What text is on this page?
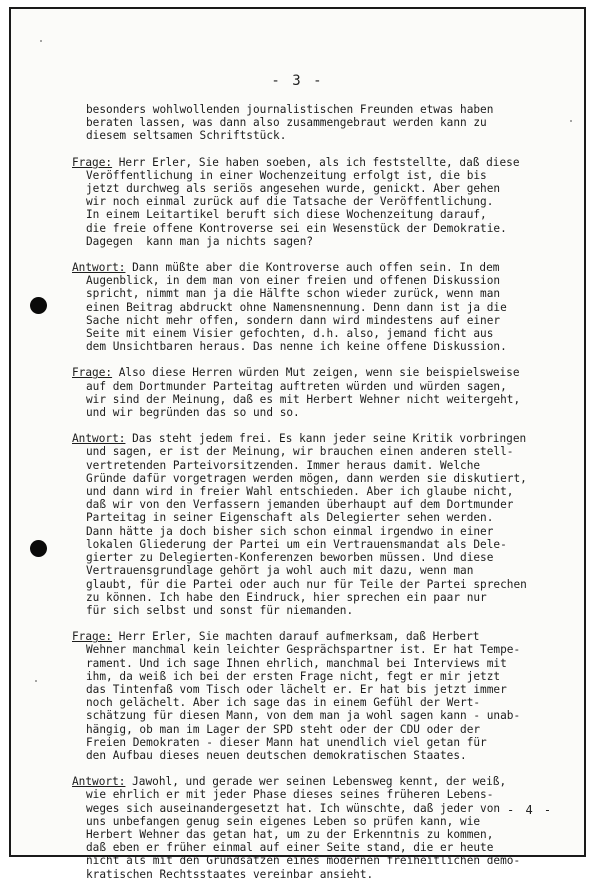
- 3 -
besonders wohlwollenden journalistischen Freunden etwas haben
beraten lassen, was dann also zusammengebraut werden kann zu
diesem seltsamen Schriftstück.
Frage: Herr Erler, Sie haben soeben, als ich feststellte, daß diese
Veröffentlichung in einer Wochenzeitung erfolgt ist, die bis
jetzt durchweg als seriös angesehen wurde, genickt. Aber gehen
wir noch einmal zurück auf die Tatsache der Veröffentlichung.
In einem Leitartikel beruft sich diese Wochenzeitung darauf,
die freie offene Kontroverse sei ein Wesenstück der Demokratie.
Dagegen  kann man ja nichts sagen?
Antwort: Dann müßte aber die Kontroverse auch offen sein. In dem
Augenblick, in dem man von einer freien und offenen Diskussion
spricht, nimmt man ja die Hälfte schon wieder zurück, wenn man
einen Beitrag abdruckt ohne Namensnennung. Denn dann ist ja die
Sache nicht mehr offen, sondern dann wird mindestens auf einer
Seite mit einem Visier gefochten, d.h. also, jemand ficht aus
dem Unsichtbaren heraus. Das nenne ich keine offene Diskussion.
Frage: Also diese Herren würden Mut zeigen, wenn sie beispielsweise
auf dem Dortmunder Parteitag auftreten würden und würden sagen,
wir sind der Meinung, daß es mit Herbert Wehner nicht weitergeht,
und wir begründen das so und so.
Antwort: Das steht jedem frei. Es kann jeder seine Kritik vorbringen
und sagen, er ist der Meinung, wir brauchen einen anderen stell-
vertretenden Parteivorsitzenden. Immer heraus damit. Welche
Gründe dafür vorgetragen werden mögen, dann werden sie diskutiert,
und dann wird in freier Wahl entschieden. Aber ich glaube nicht,
daß wir von den Verfassern jemanden überhaupt auf dem Dortmunder
Parteitag in seiner Eigenschaft als Delegierter sehen werden.
Dann hätte ja doch bisher sich schon einmal irgendwo in einer
lokalen Gliederung der Partei um ein Vertrauensmandat als Dele-
gierter zu Delegierten-Konferenzen beworben müssen. Und diese
Vertrauensgrundlage gehört ja wohl auch mit dazu, wenn man
glaubt, für die Partei oder auch nur für Teile der Partei sprechen
zu können. Ich habe den Eindruck, hier sprechen ein paar nur
für sich selbst und sonst für niemanden.
Frage: Herr Erler, Sie machten darauf aufmerksam, daß Herbert
Wehner manchmal kein leichter Gesprächspartner ist. Er hat Tempe-
rament. Und ich sage Ihnen ehrlich, manchmal bei Interviews mit
ihm, da weiß ich bei der ersten Frage nicht, fegt er mir jetzt
das Tintenfaß vom Tisch oder lächelt er. Er hat bis jetzt immer
noch gelächelt. Aber ich sage das in einem Gefühl der Wert-
schätzung für diesen Mann, von dem man ja wohl sagen kann - unab-
hängig, ob man im Lager der SPD steht oder der CDU oder der
Freien Demokraten - dieser Mann hat unendlich viel getan für
den Aufbau dieses neuen deutschen demokratischen Staates.
Antwort: Jawohl, und gerade wer seinen Lebensweg kennt, der weiß,
wie ehrlich er mit jeder Phase dieses seines früheren Lebens-
weges sich auseinandergesetzt hat. Ich wünschte, daß jeder von
uns unbefangen genug sein eigenes Leben so prüfen kann, wie
Herbert Wehner das getan hat, um zu der Erkenntnis zu kommen,
daß eben er früher einmal auf einer Seite stand, die er heute
nicht als mit den Grundsätzen eines modernen freiheitlichen demo-
kratischen Rechtsstaates vereinbar ansieht.
- 4 -
